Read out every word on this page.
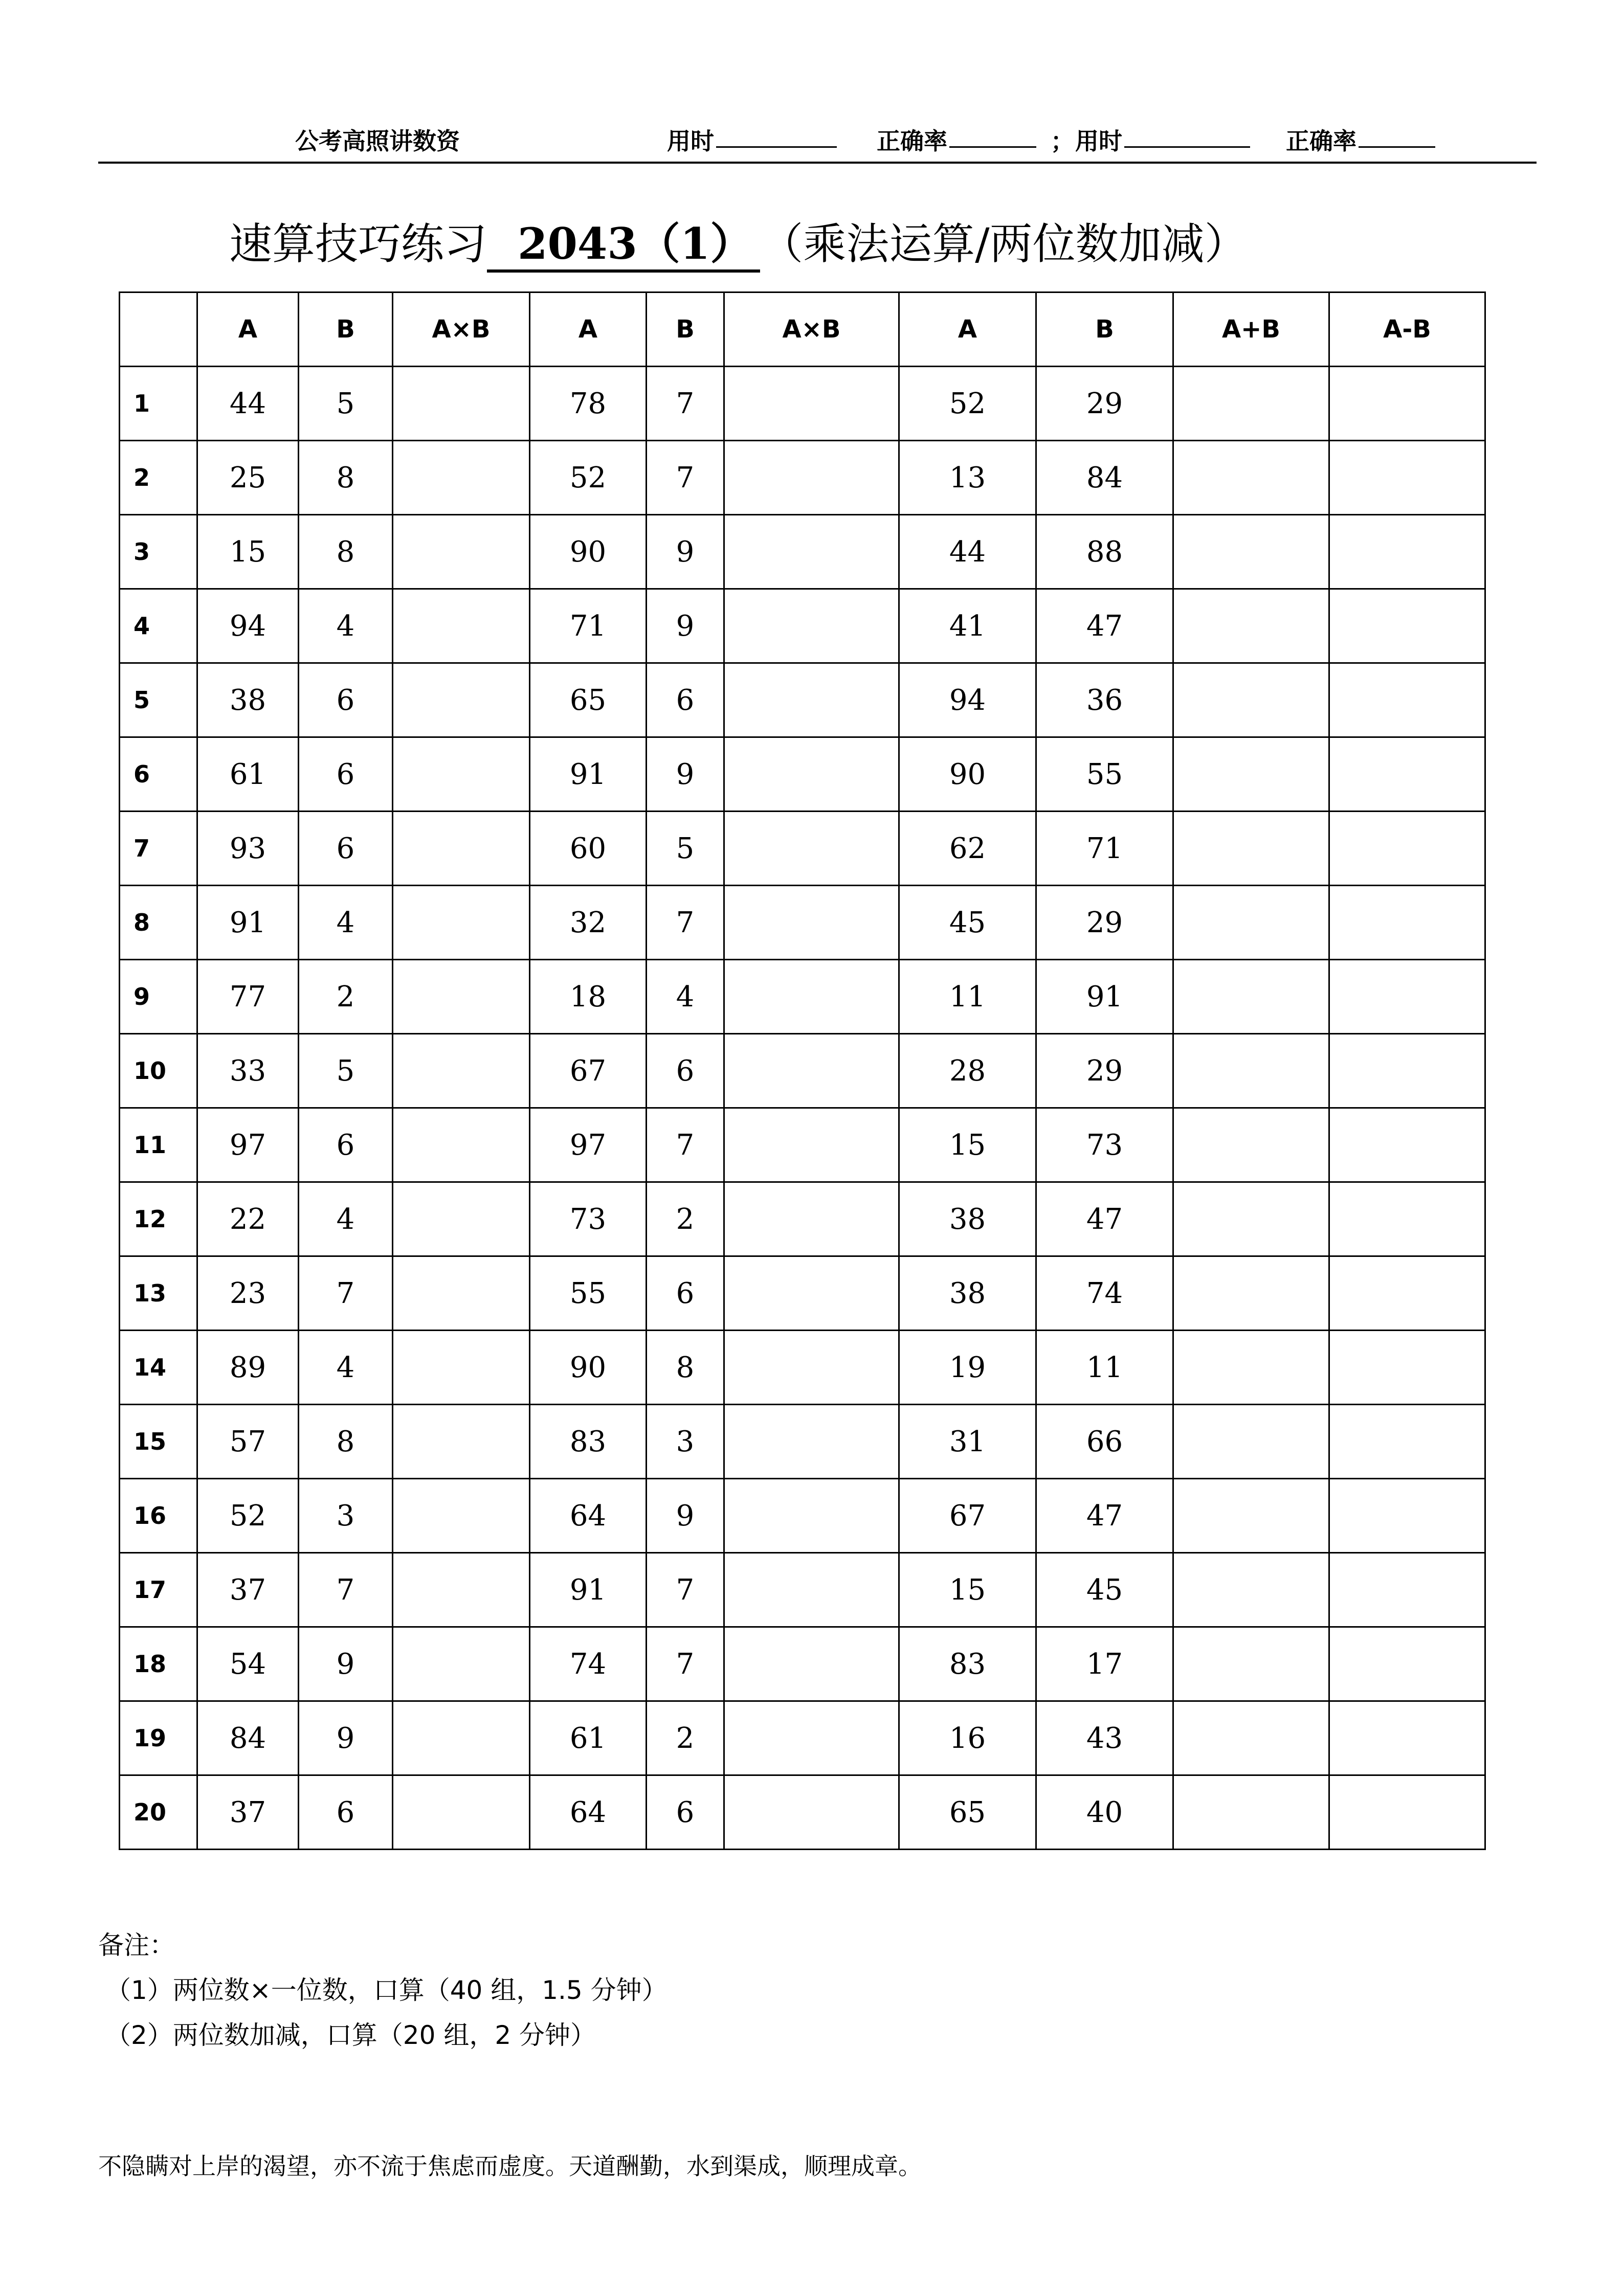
公考高照讲数资	用时	正确率	； 用时	正确率
速算技巧练习 2043（1） （乘法运算/两位数加减）
	A	B	A×B	A	B	A×B	A	B	A+B	A-B
1	44	5		78	7		52	29		
2	25	8		52	7		13	84		
3	15	8		90	9		44	88		
4	94	4		71	9		41	47		
5	38	6		65	6		94	36		
6	61	6		91	9		90	55		
7	93	6		60	5		62	71		
8	91	4		32	7		45	29		
9	77	2		18	4		11	91		
10	33	5		67	6		28	29		
11	97	6		97	7		15	73		
12	22	4		73	2		38	47		
13	23	7		55	6		38	74		
14	89	4		90	8		19	11		
15	57	8		83	3		31	66		
16	52	3		64	9		67	47		
17	37	7		91	7		15	45		
18	54	9		74	7		83	17		
19	84	9		61	2		16	43		
20	37	6		64	6		65	40		
备注：
（1）两位数×一位数，口算（40 组，1.5 分钟）
（2）两位数加减，口算（20 组，2 分钟）
不隐瞒对上岸的渴望，亦不流于焦虑而虚度。天道酬勤，水到渠成，顺理成章。
